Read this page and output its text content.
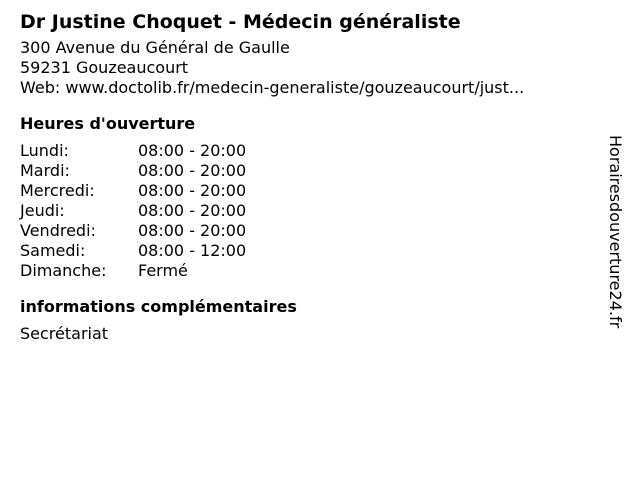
Dr Justine Choquet - Médecin généraliste
300 Avenue du Général de Gaulle
59231 Gouzeaucourt
Web: www.doctolib.fr/medecin-generaliste/gouzeaucourt/just...
Heures d'ouverture
Lundi:	08:00 - 20:00
Mardi:	08:00 - 20:00
Mercredi:	08:00 - 20:00
Jeudi:	08:00 - 20:00
Vendredi:	08:00 - 20:00
Samedi:	08:00 - 12:00
Dimanche:	Fermé
informations complémentaires
Secrétariat
Horairesdouverture24.fr
